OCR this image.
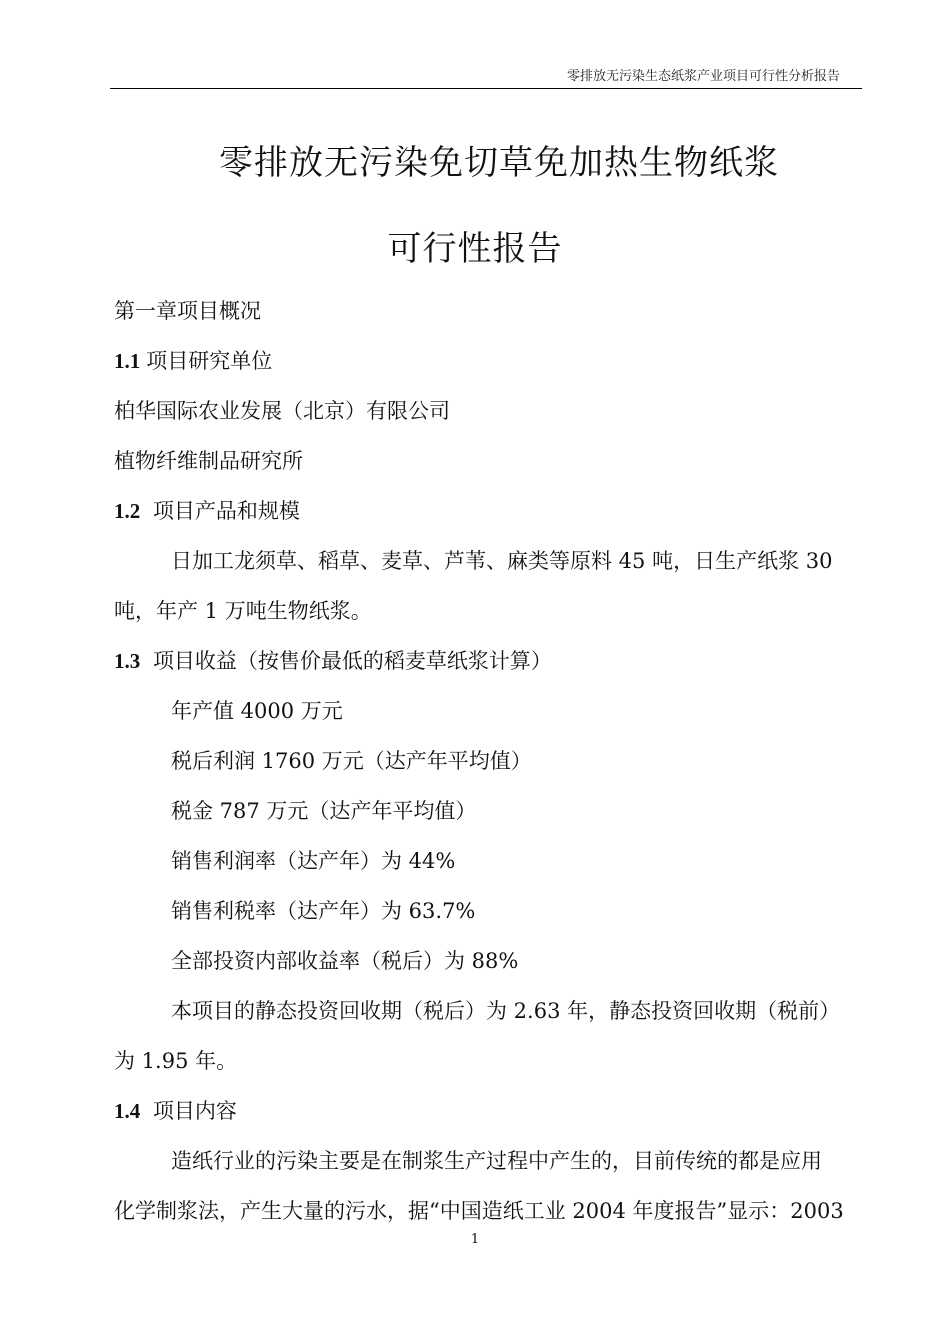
零排放无污染生态纸浆产业项目可行性分析报告
零排放无污染免切草免加热生物纸浆
可行性报告
第一章项目概况
1.1 项目研究单位
柏华国际农业发展（北京）有限公司
植物纤维制品研究所
1.2 项目产品和规模
日加工龙须草、稻草、麦草、芦苇、麻类等原料 45 吨，日生产纸浆 30
吨，年产 1 万吨生物纸浆。
1.3 项目收益（按售价最低的稻麦草纸浆计算）
年产值 4000 万元
税后利润 1760 万元（达产年平均值）
税金 787 万元（达产年平均值）
销售利润率（达产年）为 44%
销售利税率（达产年）为 63.7%
全部投资内部收益率（税后）为 88%
本项目的静态投资回收期（税后）为 2.63 年，静态投资回收期（税前）
为 1.95 年。
1.4 项目内容
造纸行业的污染主要是在制浆生产过程中产生的，目前传统的都是应用
化学制浆法，产生大量的污水，据“中国造纸工业 2004 年度报告”显示：2003
1
